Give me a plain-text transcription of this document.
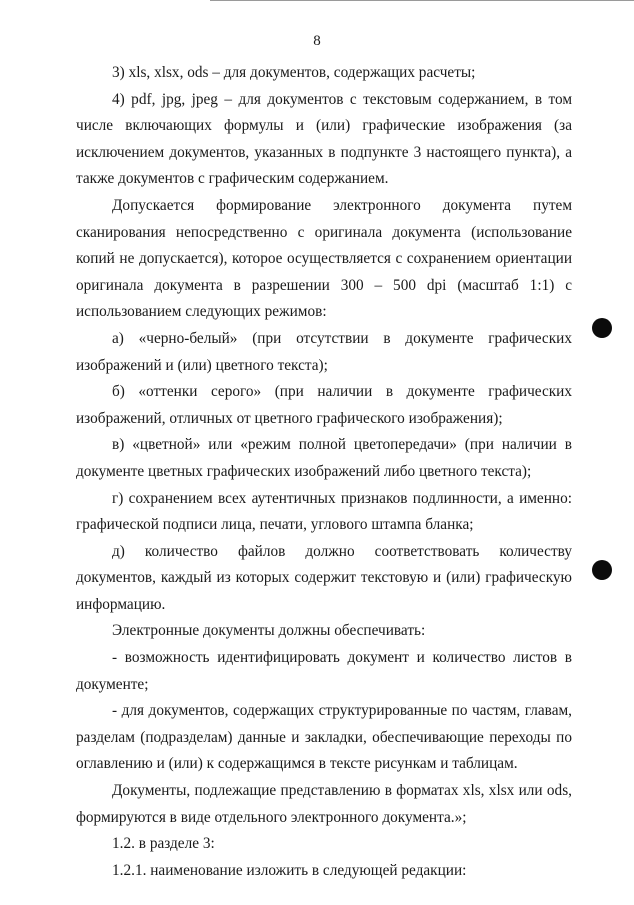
8

3) xls, xlsx, ods – для документов, содержащих расчеты;

4) pdf, jpg, jpeg – для документов с текстовым содержанием, в том числе включающих формулы и (или) графические изображения (за исключением документов, указанных в подпункте 3 настоящего пункта), а также документов с графическим содержанием.

Допускается формирование электронного документа путем сканирования непосредственно с оригинала документа (использование копий не допускается), которое осуществляется с сохранением ориентации оригинала документа в разрешении 300 – 500 dpi (масштаб 1:1) с использованием следующих режимов:

а) «черно-белый» (при отсутствии в документе графических изображений и (или) цветного текста);

б) «оттенки серого» (при наличии в документе графических изображений, отличных от цветного графического изображения);

в) «цветной» или «режим полной цветопередачи» (при наличии в документе цветных графических изображений либо цветного текста);

г) сохранением всех аутентичных признаков подлинности, а именно: графической подписи лица, печати, углового штампа бланка;

д) количество файлов должно соответствовать количеству документов, каждый из которых содержит текстовую и (или) графическую информацию.

Электронные документы должны обеспечивать:

- возможность идентифицировать документ и количество листов в документе;

- для документов, содержащих структурированные по частям, главам, разделам (подразделам) данные и закладки, обеспечивающие переходы по оглавлению и (или) к содержащимся в тексте рисункам и таблицам.

Документы, подлежащие представлению в форматах xls, xlsx или ods, формируются в виде отдельного электронного документа.»;

1.2. в разделе 3:

1.2.1. наименование изложить в следующей редакции:
